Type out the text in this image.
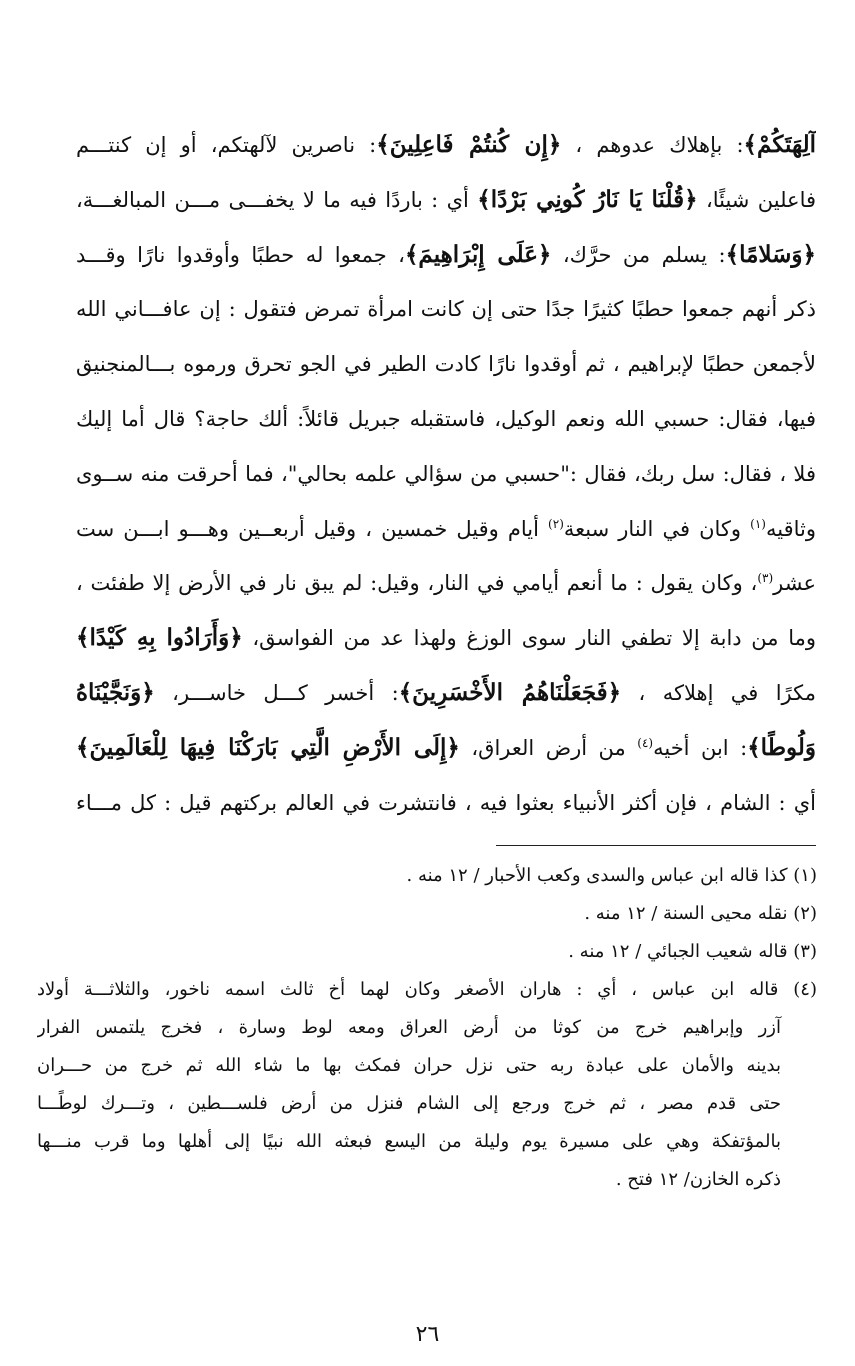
آلِهَتَكُمْ﴾: بإهلاك عدوهم ، ﴿إِن كُنتُمْ فَاعِلِينَ﴾: ناصرين لآلهتكم، أو إن كنتـــم
فاعلين شيئًا، ﴿قُلْنَا يَا نَارُ كُونِي بَرْدًا﴾ أي : باردًا فيه ما لا يخفـــى مـــن المبالغـــة،
﴿وَسَلامًا﴾: يسلم من حرَّك، ﴿عَلَى إِبْرَاهِيمَ﴾، جمعوا له حطبًا وأوقدوا نارًا وقـــد
ذكر أنهم جمعوا حطبًا كثيرًا جدًا حتى إن كانت امرأة تمرض فتقول : إن عافـــاني الله
لأجمعن حطبًا لإبراهيم ، ثم أوقدوا نارًا كادت الطير في الجو تحرق ورموه بـــالمنجنيق
فيها، فقال: حسبي الله ونعم الوكيل، فاستقبله جبريل قائلاً: ألك حاجة؟ قال أما إليك
فلا ، فقال: سل ربك، فقال :"حسبي من سؤالي علمه بحالي"، فما أحرقت منه ســوى
وثاقيه$^{(١)}$ وكان في النار سبعة$^{(٢)}$ أيام وقيل خمسين ، وقيل أربعــين وهـــو ابـــن ست
عشر$^{(٣)}$، وكان يقول : ما أنعم أيامي في النار، وقيل: لم يبق نار في الأرض إلا طفئت ،
وما من دابة إلا تطفي النار سوى الوزغ ولهذا عد من الفواسق، ﴿وَأَرَادُوا بِهِ كَيْدًا﴾
مكرًا في إهلاكه ، ﴿فَجَعَلْنَاهُمُ الأَخْسَرِينَ﴾: أخسر كـــل خاســـر، ﴿وَنَجَّيْنَاهُ
وَلُوطًا﴾: ابن أخيه$^{(٤)}$ من أرض العراق، ﴿إِلَى الأَرْضِ الَّتِي بَارَكْنَا فِيهَا لِلْعَالَمِينَ﴾
أي : الشام ، فإن أكثر الأنبياء بعثوا فيه ، فانتشرت في العالم بركتهم قيل : كل مـــاء
(١) كذا قاله ابن عباس والسدى وكعب الأحبار / ١٢ منه .
(٢) نقله محيى السنة / ١٢ منه .
(٣) قاله شعيب الجبائي / ١٢ منه .
(٤) قاله ابن عباس ، أي : هاران الأصغر وكان لهما أخ ثالث اسمه ناخور، والثلاثـــة أولاد
آزر وإبراهيم خرج من كوثا من أرض العراق ومعه لوط وسارة ، فخرج يلتمس الفرار
بدينه والأمان على عبادة ربه حتى نزل حران فمكث بها ما شاء الله ثم خرج من حـــران
حتى قدم مصر ، ثم خرج ورجع إلى الشام فنزل من أرض فلســـطين ، وتـــرك لوطًـــا
بالمؤتفكة وهي على مسيرة يوم وليلة من اليسع فبعثه الله نبيًا إلى أهلها وما قرب منـــها
ذكره الخازن/ ١٢ فتح .
٢٦
